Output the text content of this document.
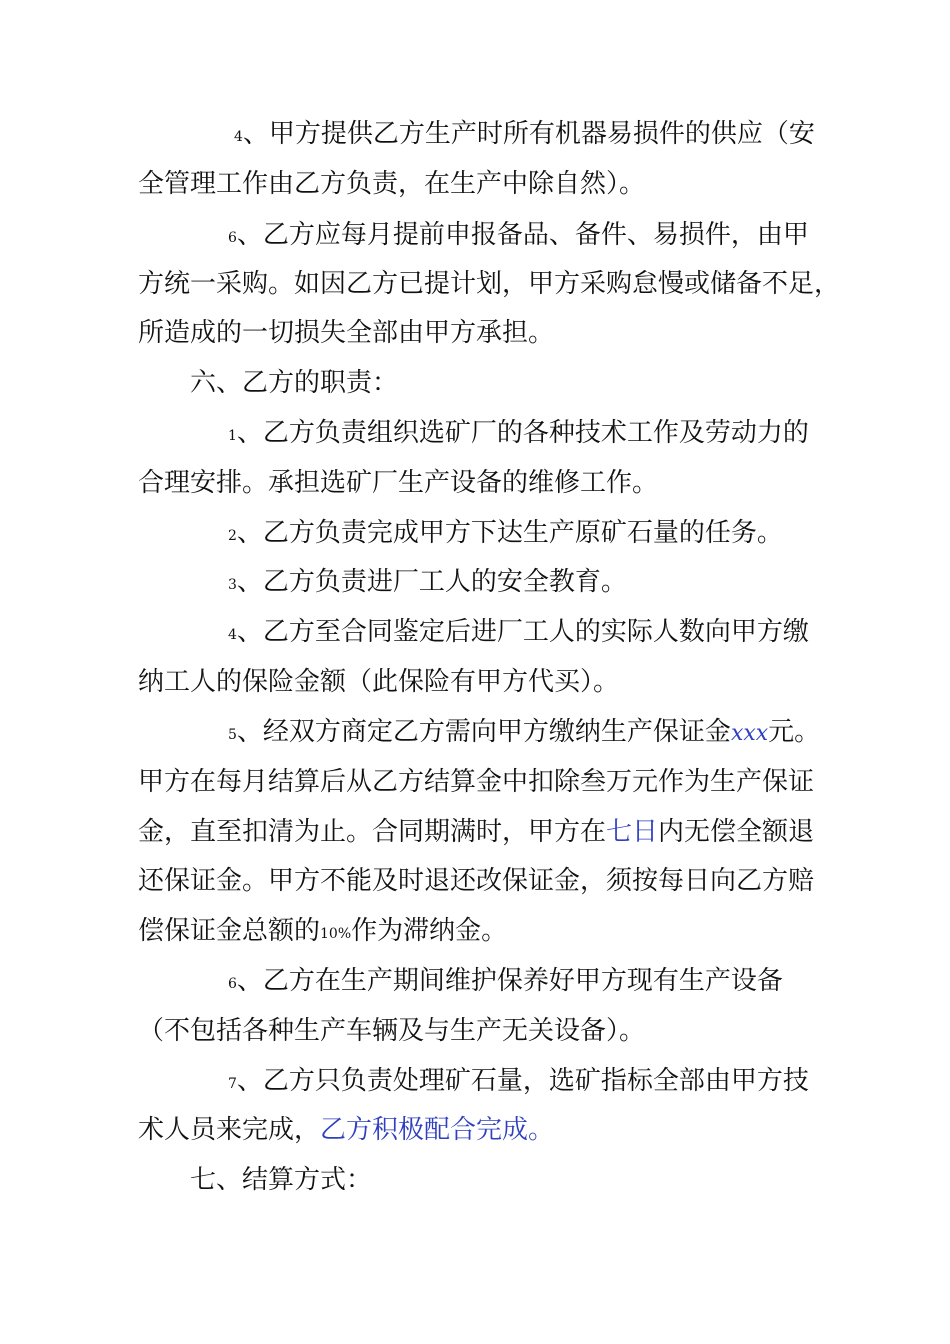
4、甲方提供乙方生产时所有机器易损件的供应（安
全管理工作由乙方负责，在生产中除自然）。
6、乙方应每月提前申报备品、备件、易损件，由甲
方统一采购。如因乙方已提计划，甲方采购怠慢或储备不足，
所造成的一切损失全部由甲方承担。
六、乙方的职责：
1、乙方负责组织选矿厂的各种技术工作及劳动力的
合理安排。承担选矿厂生产设备的维修工作。
2、乙方负责完成甲方下达生产原矿石量的任务。
3、乙方负责进厂工人的安全教育。
4、乙方至合同鉴定后进厂工人的实际人数向甲方缴
纳工人的保险金额（此保险有甲方代买）。
5、经双方商定乙方需向甲方缴纳生产保证金xxx元。
甲方在每月结算后从乙方结算金中扣除叁万元作为生产保证
金，直至扣清为止。合同期满时，甲方在七日内无偿全额退
还保证金。甲方不能及时退还改保证金，须按每日向乙方赔
偿保证金总额的10%作为滞纳金。
6、乙方在生产期间维护保养好甲方现有生产设备
（不包括各种生产车辆及与生产无关设备）。
7、乙方只负责处理矿石量，选矿指标全部由甲方技
术人员来完成，乙方积极配合完成。
七、结算方式：
